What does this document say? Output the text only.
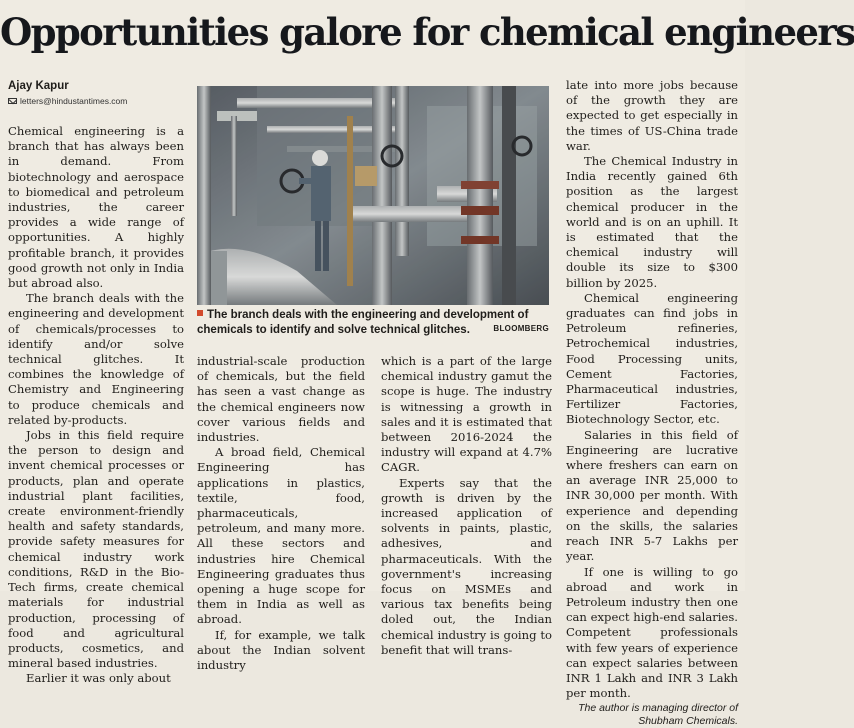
Opportunities galore for chemical engineers
Ajay Kapur
letters@hindustantimes.com

Chemical engineering is a branch that has always been in demand. From biotechnology and aerospace to biomedical and petroleum industries, the career provides a wide range of opportunities. A highly profitable branch, it provides good growth not only in India but abroad also.

The branch deals with the engineering and development of chemicals/processes to identify and/or solve technical glitches. It combines the knowledge of Chemistry and Engineering to produce chemicals and related by-products.

Jobs in this field require the person to design and invent chemical processes or products, plan and operate industrial plant facilities, create environment-friendly health and safety standards, provide safety measures for chemical industry work conditions, R&D in the Bio-Tech firms, create chemical materials for industrial production, processing of food and agricultural products, cosmetics, and mineral based industries.

Earlier it was only about

The branch deals with the engineering and development of chemicals to identify and solve technical glitches.	BLOOMBERG

industrial-scale production of chemicals, but the field has seen a vast change as the chemical engineers now cover various fields and industries.

A broad field, Chemical Engineering has applications in plastics, textile, food, pharmaceuticals, petroleum, and many more. All these sectors and industries hire Chemical Engineering graduates thus opening a huge scope for them in India as well as abroad.

If, for example, we talk about the Indian solvent industry

which is a part of the large chemical industry gamut the scope is huge. The industry is witnessing a growth in sales and it is estimated that between 2016-2024 the industry will expand at 4.7% CAGR.

Experts say that the growth is driven by the increased application of solvents in paints, plastic, adhesives, and pharmaceuticals. With the government's increasing focus on MSMEs and various tax benefits being doled out, the Indian chemical industry is going to benefit that will trans-

late into more jobs because of the growth they are expected to get especially in the times of US-China trade war.

The Chemical Industry in India recently gained 6th position as the largest chemical producer in the world and is on an uphill. It is estimated that the chemical industry will double its size to $300 billion by 2025.

Chemical engineering graduates can find jobs in Petroleum refineries, Petrochemical industries, Food Processing units, Cement Factories, Pharmaceutical industries, Fertilizer Factories, Biotechnology Sector, etc.

Salaries in this field of Engineering are lucrative where freshers can earn on an average INR 25,000 to INR 30,000 per month. With experience and depending on the skills, the salaries reach INR 5-7 Lakhs per year.

If one is willing to go abroad and work in Petroleum industry then one can expect high-end salaries. Competent professionals with few years of experience can expect salaries between INR 1 Lakh and INR 3 Lakh per month.

The author is managing director of Shubham Chemicals.
